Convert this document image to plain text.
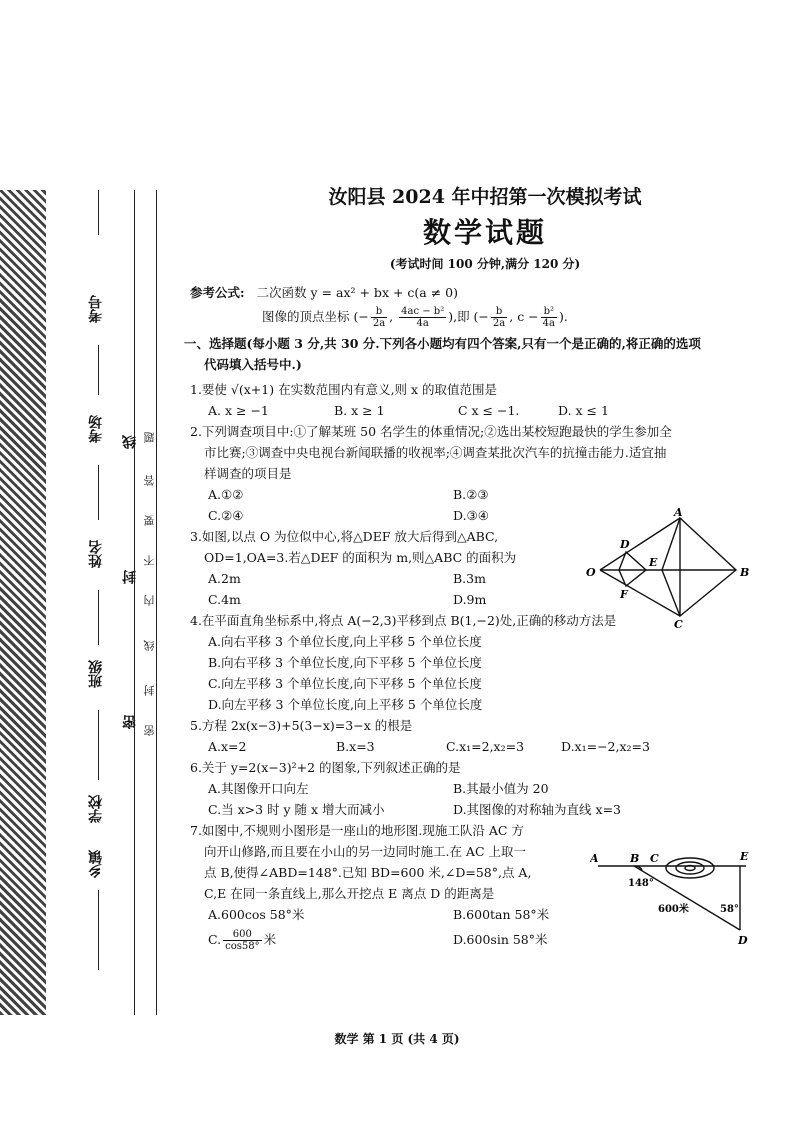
考号
考场
姓名
班级
学校
乡镇
线
封
密
题
答
要
不
内
线
封
密
汝阳县 2024 年中招第一次模拟考试
数学试题
(考试时间 100 分钟,满分 120 分)
参考公式: 二次函数 y = ax² + bx + c(a ≠ 0)
图像的顶点坐标 (− $\frac{b}{2a}$ , $\frac{\text{4ac − b²}}{4a}$ ),即 (− $\frac{b}{2a}$ , $c - \frac{\text{b²}}{4a}$ ).
一、选择题(每小题 3 分,共 30 分.下列各小题均有四个答案,只有一个是正确的,将正确的选项
代码填入括号中.)
1.要使 √(x+1) 在实数范围内有意义,则 x 的取值范围是
A. x ≥ −1	B. x ≥ 1	C x ≤ −1.	D. x ≤ 1
2.下列调查项目中:①了解某班 50 名学生的体重情况;②选出某校短跑最快的学生参加全
市比赛;③调查中央电视台新闻联播的收视率;④调查某批次汽车的抗撞击能力.适宜抽
样调查的项目是
A.①②	B.②③
C.②④	D.③④
3.如图,以点 O 为位似中心,将△DEF 放大后得到△ABC,
OD=1,OA=3.若△DEF 的面积为 m,则△ABC 的面积为
A.2m	B.3m
C.4m	D.9m
4.在平面直角坐标系中,将点 A(−2,3)平移到点 B(1,−2)处,正确的移动方法是
A.向右平移 3 个单位长度,向上平移 5 个单位长度
B.向右平移 3 个单位长度,向下平移 5 个单位长度
C.向左平移 3 个单位长度,向下平移 5 个单位长度
D.向左平移 3 个单位长度,向上平移 5 个单位长度
5.方程 2x(x−3)+5(3−x)=3−x 的根是
A.x=2	B.x=3	C.x₁=2,x₂=3	D.x₁=−2,x₂=3
6.关于 y=2(x−3)²+2 的图象,下列叙述正确的是
A.其图像开口向左	B.其最小值为 20
C.当 x>3 时 y 随 x 增大而减小	D.其图像的对称轴为直线 x=3
7.如图中,不规则小图形是一座山的地形图.现施工队沿 AC 方
向开山修路,而且要在小山的另一边同时施工.在 AC 上取一
点 B,使得∠ABD=148°.已知 BD=600 米,∠D=58°,点 A,
C,E 在同一条直线上,那么开挖点 E 离点 D 的距离是
A.600cos 58°米	B.600tan 58°米
C. $\frac{600}{\cos 58^\circ}$ 米	D.600sin 58°米
O
A
B
C
D
E
F
A	B C	E
D
148°
58°
600米
数学 第 1 页 (共 4 页)
